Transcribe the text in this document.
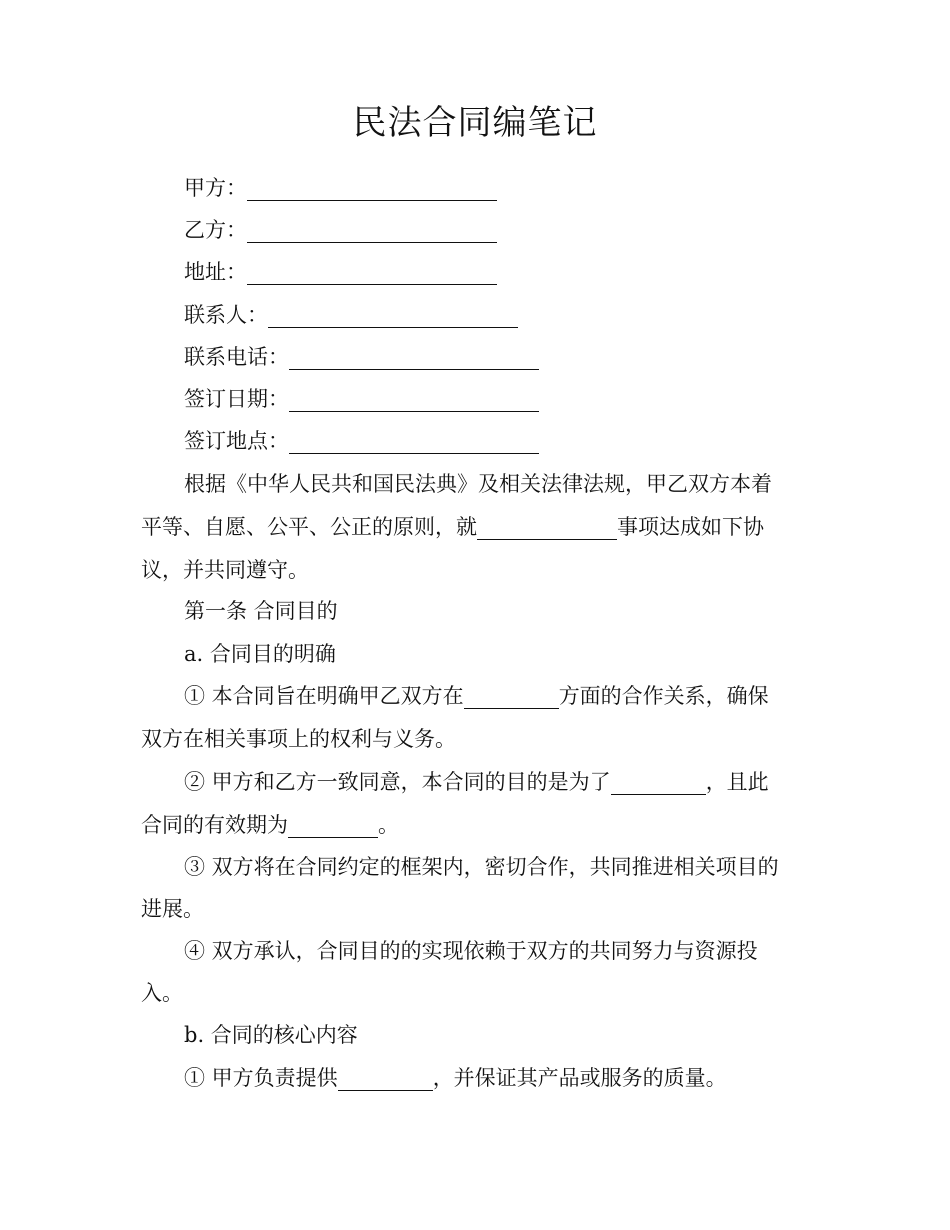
民法合同编笔记
甲方：
乙方：
地址：
联系人：
联系电话：
签订日期：
签订地点：
根据《中华人民共和国民法典》及相关法律法规，甲乙双方本着
平等、自愿、公平、公正的原则，就	事项达成如下协
议，并共同遵守。
第一条 合同目的
a. 合同目的明确
① 本合同旨在明确甲乙双方在	方面的合作关系，确保
双方在相关事项上的权利与义务。
② 甲方和乙方一致同意，本合同的目的是为了	，且此
合同的有效期为	。
③ 双方将在合同约定的框架内，密切合作，共同推进相关项目的
进展。
④ 双方承认，合同目的的实现依赖于双方的共同努力与资源投
入。
b. 合同的核心内容
① 甲方负责提供	，并保证其产品或服务的质量。
